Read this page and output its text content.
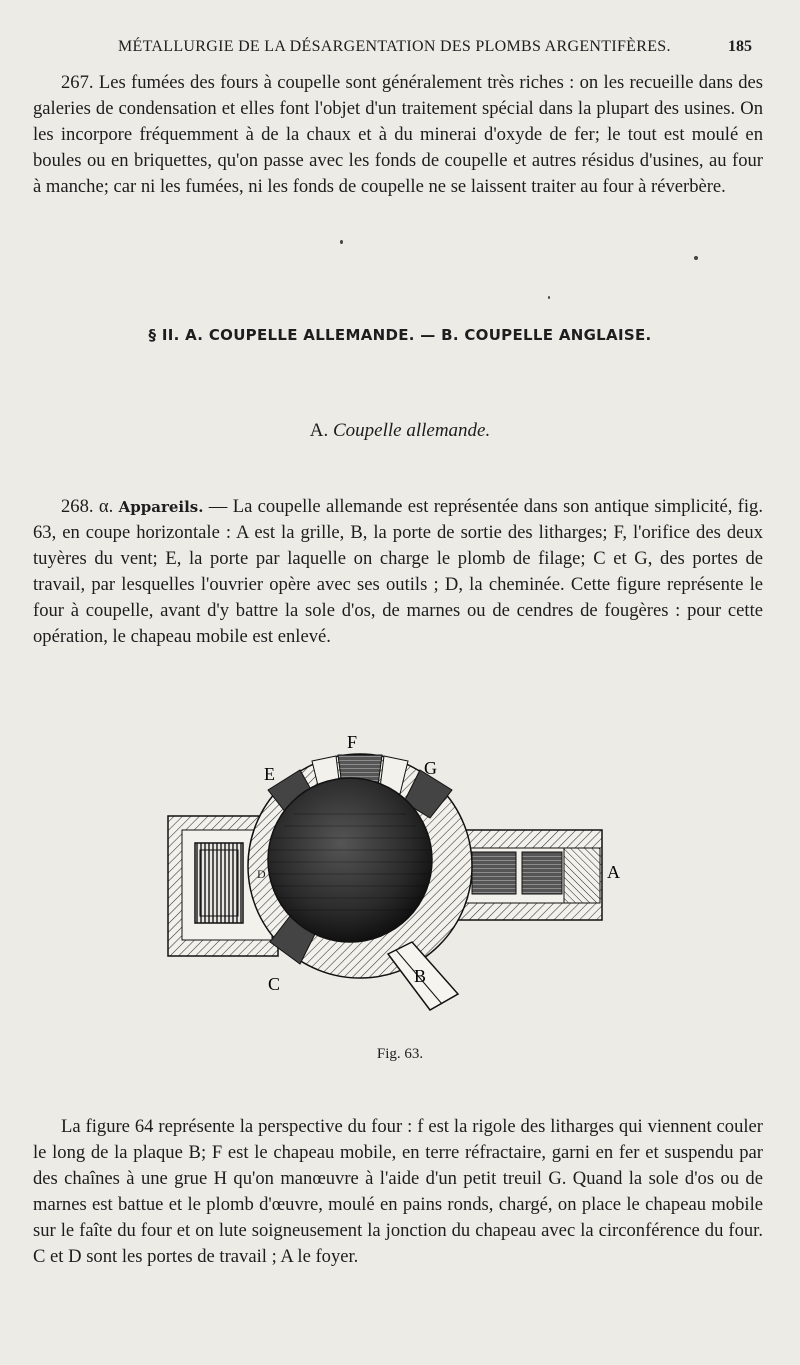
MÉTALLURGIE DE LA DÉSARGENTATION DES PLOMBS ARGENTIFÈRES.	185

267. Les fumées des fours à coupelle sont généralement très riches : on les recueille dans des galeries de condensation et elles font l'objet d'un traitement spécial dans la plupart des usines. On les incorpore fréquemment à de la chaux et à du minerai d'oxyde de fer; le tout est moulé en boules ou en briquettes, qu'on passe avec les fonds de coupelle et autres résidus d'usines, au four à manche; car ni les fumées, ni les fonds de coupelle ne se laissent traiter au four à réverbère.

§ II. A. COUPELLE ALLEMANDE. — B. COUPELLE ANGLAISE.
A. Coupelle allemande.

268. α. Appareils. — La coupelle allemande est représentée dans son antique simplicité, fig. 63, en coupe horizontale : A est la grille, B, la porte de sortie des litharges; F, l'orifice des deux tuyères du vent; E, la porte par laquelle on charge le plomb de filage; C et G, des portes de travail, par lesquelles l'ouvrier opère avec ses outils ; D, la cheminée. Cette figure représente le four à coupelle, avant d'y battre la sole d'os, de marnes ou de cendres de fougères : pour cette opération, le chapeau mobile est enlevé.

F
E	G
A
B
C
D
Fig. 63.

La figure 64 représente la perspective du four : f est la rigole des litharges qui viennent couler le long de la plaque B; F est le chapeau mobile, en terre réfractaire, garni en fer et suspendu par des chaînes à une grue H qu'on manœuvre à l'aide d'un petit treuil G. Quand la sole d'os ou de marnes est battue et le plomb d'œuvre, moulé en pains ronds, chargé, on place le chapeau mobile sur le faîte du four et on lute soigneusement la jonction du chapeau avec la circonférence du four. C et D sont les portes de travail ; A le foyer.
